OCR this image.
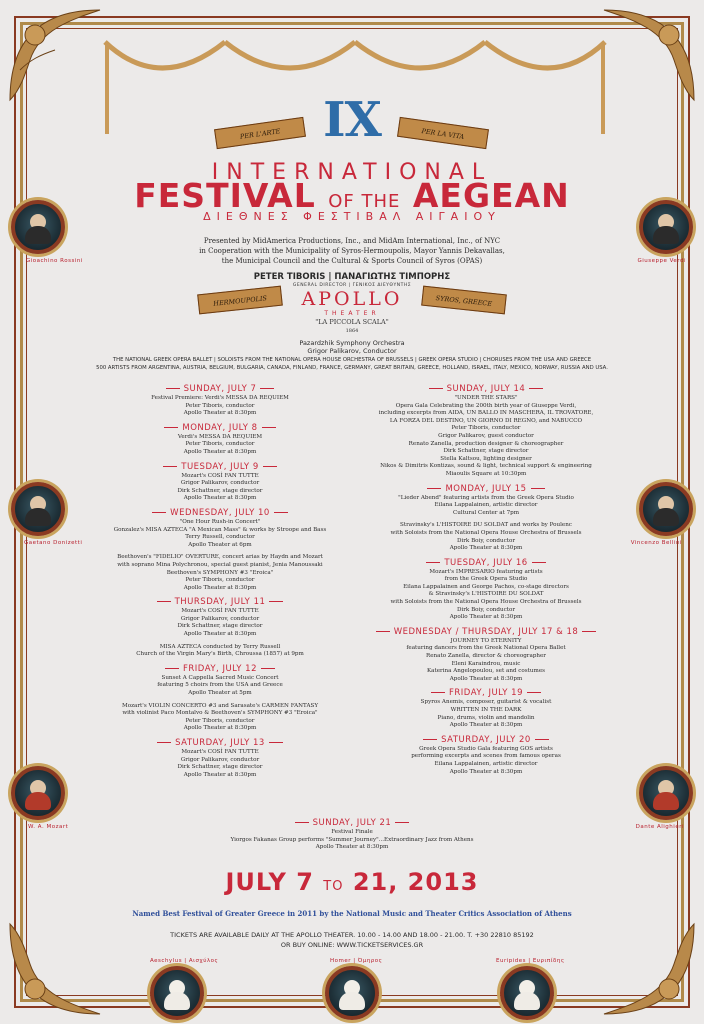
Gioachino Rossini	Giuseppe Verdi
Gaetano Donizetti	Vincenzo Bellini
W. A. Mozart	Dante Alighieri
Aeschylus | Αισχύλος	Homer | Όμηρος	Euripides | Ευριπίδης
IX
PER L'ARTE	PER LA VITA
INTERNATIONAL
FESTIVAL OF THE AEGEAN
ΔΙΕΘΝΕΣ ΦΕΣΤΙΒΑΛ ΑΙΓΑΙΟΥ
Presented by MidAmerica Productions, Inc., and MidAm International, Inc., of NYC
in Cooperation with the Municipality of Syros-Hermoupolis, Mayor Yannis Dekavallas,
the Municipal Council and the Cultural & Sports Council of Syros (OPAS)
PETER TIBORIS | ΠΑΝΑΓΙΩΤΗΣ ΤΙΜΠΟΡΗΣ
GENERAL DIRECTOR | ΓΕΝΙΚΟΣ ΔΙΕΥΘΥΝΤΗΣ
HERMOUPOLIS	SYROS, GREECE
APOLLO
THEATER
"LA PICCOLA SCALA"
1864
Pazardzhik Symphony Orchestra
Grigor Palikarov, Conductor
THE NATIONAL GREEK OPERA BALLET | SOLOISTS FROM THE NATIONAL OPERA HOUSE ORCHESTRA OF BRUSSELS | GREEK OPERA STUDIO | CHORUSES FROM THE USA AND GREECE
500 ARTISTS FROM ARGENTINA, AUSTRIA, BELGIUM, BULGARIA, CANADA, FINLAND, FRANCE, GERMANY, GREAT BRITAIN, GREECE, HOLLAND, ISRAEL, ITALY, MEXICO, NORWAY, RUSSIA AND USA.
SUNDAY, JULY 7
Festival Premiere: Verdi's MESSA DA REQUIEM
Peter Tiboris, conductor
Apollo Theater at 8:30pm
MONDAY, JULY 8
Verdi's MESSA DA REQUIEM
Peter Tiboris, conductor
Apollo Theater at 8:30pm
TUESDAY, JULY 9
Mozart's COSÌ FAN TUTTE
Grigor Palikarov, conductor
Dirk Schattner, stage director
Apollo Theater at 8:30pm
WEDNESDAY, JULY 10
"One Hour Rush-in Concert"
Gonzalez's MISA AZTECA "A Mexican Mass" & works by Stroope and Bass
Terry Russell, conductor
Apollo Theater at 6pm
Beethoven's "FIDELIO" OVERTURE, concert arias by Haydn and Mozart
with soprano Mina Polychronou, special guest pianist, Jenia Manoussaki
Beethoven's SYMPHONY #3 "Eroica"
Peter Tiboris, conductor
Apollo Theater at 8:30pm
THURSDAY, JULY 11
Mozart's COSÌ FAN TUTTE
Grigor Palikarov, conductor
Dirk Schattner, stage director
Apollo Theater at 8:30pm
MISA AZTECA conducted by Terry Russell
Church of the Virgin Mary's Birth, Chroussa (1857) at 9pm
FRIDAY, JULY 12
Sunset A Cappella Sacred Music Concert
featuring 5 choirs from the USA and Greece
Apollo Theater at 5pm
Mozart's VIOLIN CONCERTO #3 and Sarasate's CARMEN FANTASY
with violinist Paco Montalvo & Beethoven's SYMPHONY #3 "Eroica"
Peter Tiboris, conductor
Apollo Theater at 8:30pm
SATURDAY, JULY 13
Mozart's COSÌ FAN TUTTE
Grigor Palikarov, conductor
Dirk Schattner, stage director
Apollo Theater at 8:30pm
SUNDAY, JULY 14
"UNDER THE STARS"
Opera Gala Celebrating the 200th birth year of Giuseppe Verdi,
including excerpts from AIDA, UN BALLO IN MASCHERA, IL TROVATORE,
LA FORZA DEL DESTINO, UN GIORNO DI REGNO, and NABUCCO
Peter Tiboris, conductor
Grigor Palikarov, guest conductor
Renato Zanella, production designer & choreographer
Dirk Schattner, stage director
Stella Kaltsou, lighting designer
Nikos & Dimitris Kontizas, sound & light, technical support & engineering
Miaoulis Square at 10:30pm
MONDAY, JULY 15
"Lieder Abend" featuring artists from the Greek Opera Studio
Eilana Lappalainen, artistic director
Cultural Center at 7pm
Stravinsky's L'HISTOIRE DU SOLDAT and works by Poulenc
with Soloists from the National Opera House Orchestra of Brussels
Dirk Boiy, conductor
Apollo Theater at 8:30pm
TUESDAY, JULY 16
Mozart's IMPRESARIO featuring artists
from the Greek Opera Studio
Eilana Lappalainen and George Pachos, co-stage directors
& Stravinsky's L'HISTOIRE DU SOLDAT
with Soloists from the National Opera House Orchestra of Brussels
Dirk Boiy, conductor
Apollo Theater at 8:30pm
WEDNESDAY / THURSDAY, JULY 17 & 18
JOURNEY TO ETERNITY
featuring dancers from the Greek National Opera Ballet
Renato Zanella, director & choreographer
Eleni Karaindrou, music
Katerina Angelopoulou, set and costumes
Apollo Theater at 8:30pm
FRIDAY, JULY 19
Spyros Anemis, composer, guitarist & vocalist
WRITTEN IN THE DARK
Piano, drums, violin and mandolin
Apollo Theater at 8:30pm
SATURDAY, JULY 20
Greek Opera Studio Gala featuring GOS artists
performing excerpts and scenes from famous operas
Eilana Lappalainen, artistic director
Apollo Theater at 8:30pm
SUNDAY, JULY 21
Festival Finale
Yiorgos Fakanas Group performs "Summer Journey"...Extraordinary Jazz from Athens
Apollo Theater at 8:30pm
JULY 7 TO 21, 2013
Named Best Festival of Greater Greece in 2011 by the National Music and Theater Critics Association of Athens
TICKETS ARE AVAILABLE DAILY AT THE APOLLO THEATER. 10.00 - 14.00 AND 18.00 - 21.00. T. +30 22810 85192
OR BUY ONLINE: WWW.TICKETSERVICES.GR
